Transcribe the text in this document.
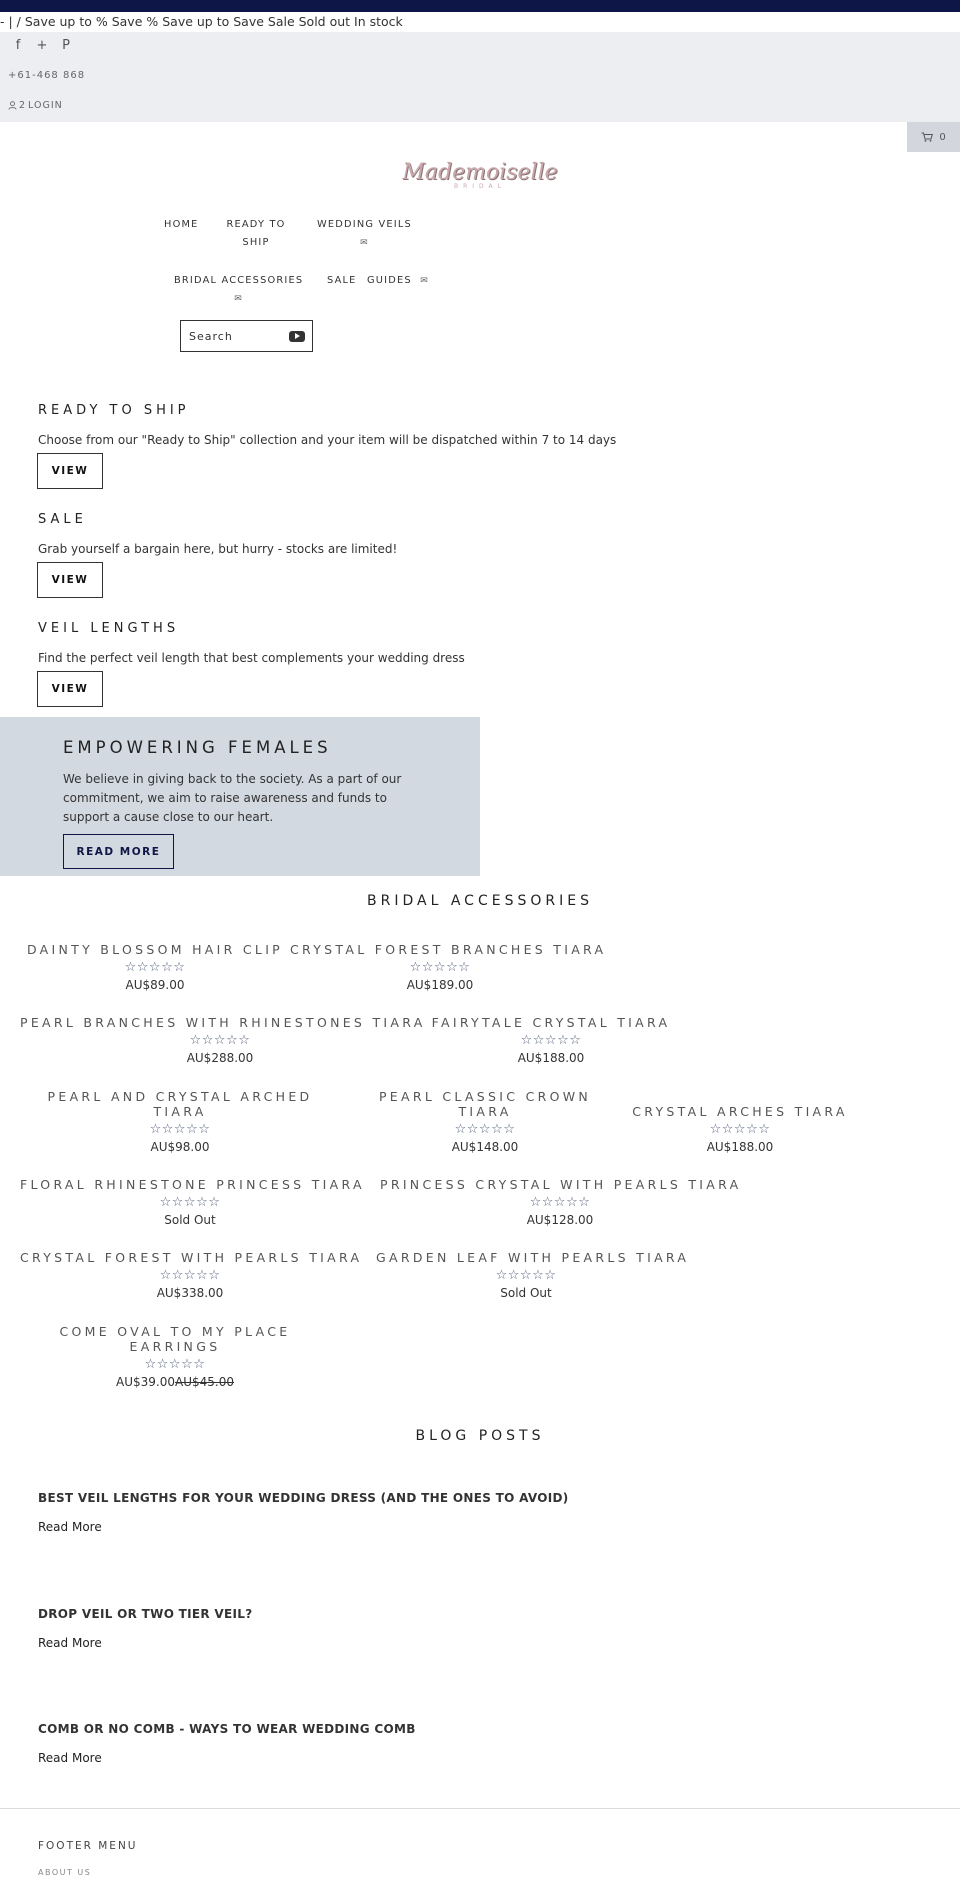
- | / Save up to % Save % Save up to Save Sale Sold out In stock
f + P
+61-468 868
2 LOGIN
0
Mademoiselle
BRIDAL
HOME	READY TO
SHIP
WEDDING VEILS
✉
BRIDAL ACCESSORIES
✉
SALE GUIDES  ✉
Search
READY TO SHIP
Choose from our "Ready to Ship" collection and your item will be dispatched within 7 to 14 days
VIEW
SALE
Grab yourself a bargain here, but hurry - stocks are limited!
VIEW
VEIL LENGTHS
Find the perfect veil length that best complements your wedding dress
VIEW
EMPOWERING FEMALES
We believe in giving back to the society. As a part of our commitment, we aim to raise awareness and funds to support a cause close to our heart.
READ MORE
BRIDAL ACCESSORIES
DAINTY BLOSSOM HAIR CLIP
☆☆☆☆☆
AU$89.00
CRYSTAL FOREST BRANCHES TIARA
☆☆☆☆☆
AU$189.00
PEARL BRANCHES WITH RHINESTONES TIARA
☆☆☆☆☆
AU$288.00
FAIRYTALE CRYSTAL TIARA
☆☆☆☆☆
AU$188.00
PEARL AND CRYSTAL ARCHED TIARA
☆☆☆☆☆
AU$98.00
PEARL CLASSIC CROWN TIARA
☆☆☆☆☆
AU$148.00
CRYSTAL ARCHES TIARA
☆☆☆☆☆
AU$188.00
FLORAL RHINESTONE PRINCESS TIARA
☆☆☆☆☆
Sold Out
PRINCESS CRYSTAL WITH PEARLS TIARA
☆☆☆☆☆
AU$128.00
CRYSTAL FOREST WITH PEARLS TIARA
☆☆☆☆☆
AU$338.00
GARDEN LEAF WITH PEARLS TIARA
☆☆☆☆☆
Sold Out
COME OVAL TO MY PLACE EARRINGS
☆☆☆☆☆
AU$39.00AU$45.00
BLOG POSTS
BEST VEIL LENGTHS FOR YOUR WEDDING DRESS (AND THE ONES TO AVOID)
Read More
DROP VEIL OR TWO TIER VEIL?
Read More
COMB OR NO COMB - WAYS TO WEAR WEDDING COMB
Read More
FOOTER MENU
ABOUT US
